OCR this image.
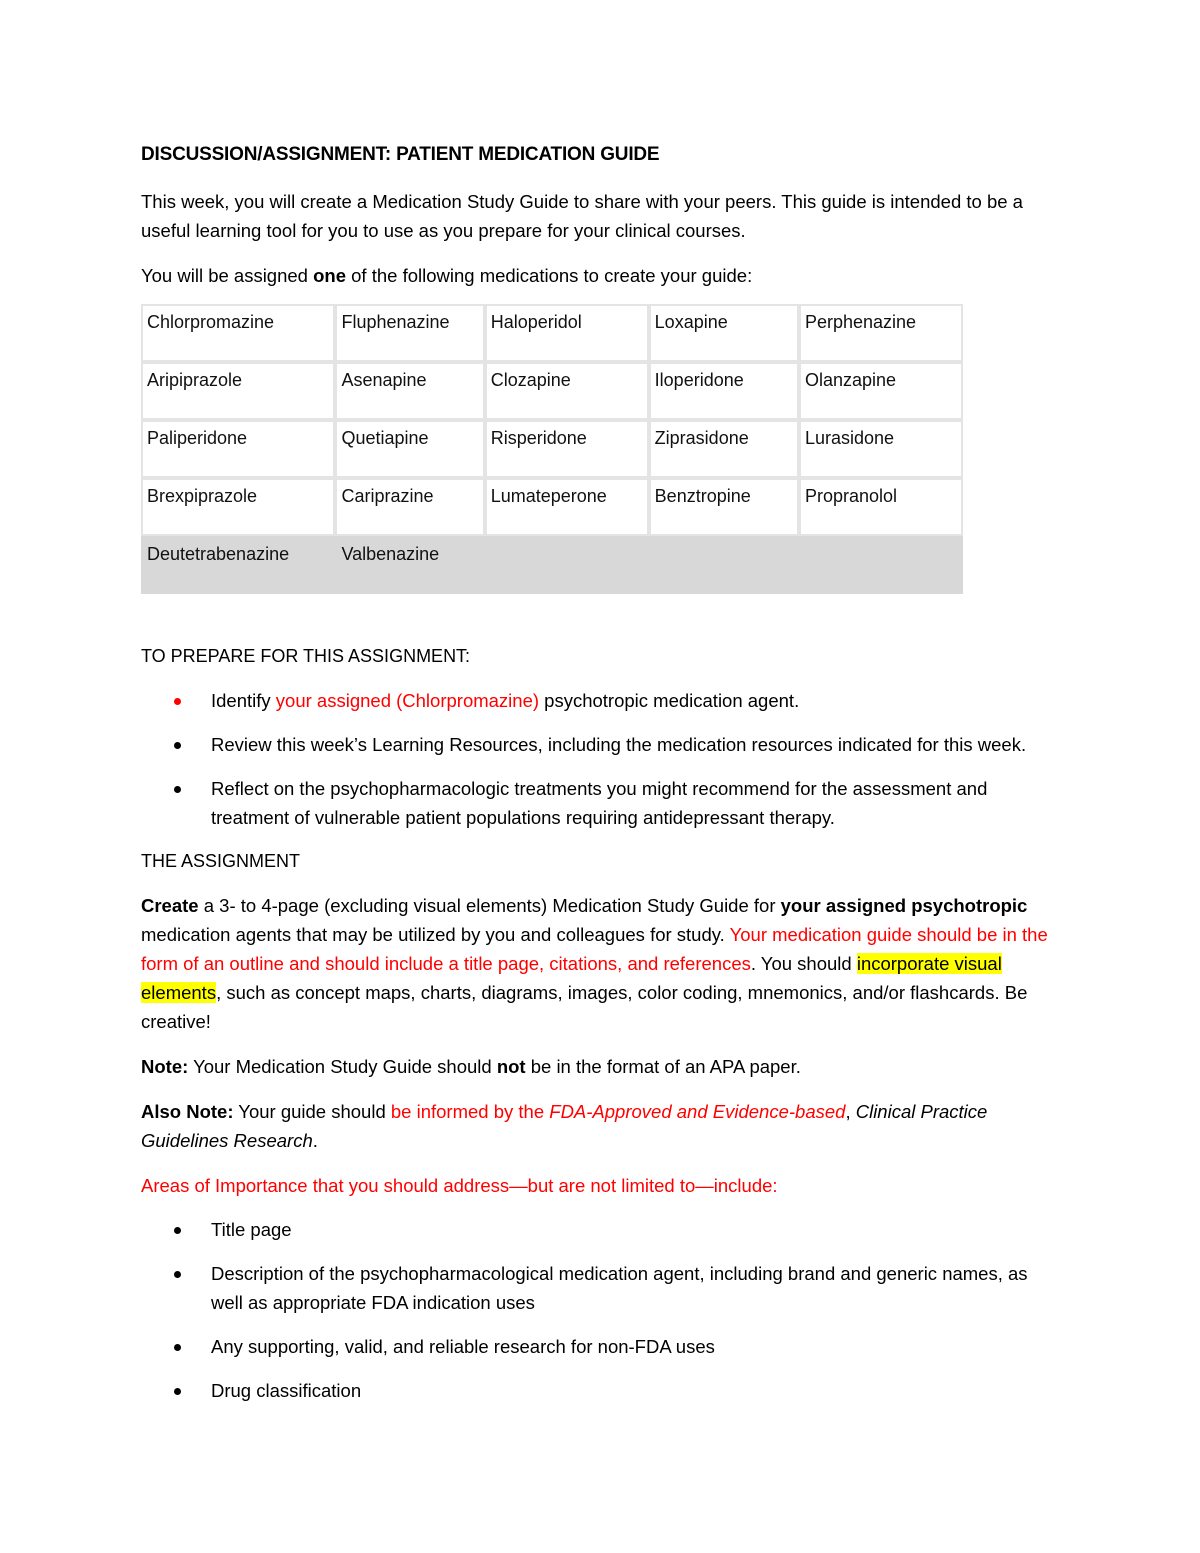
DISCUSSION/ASSIGNMENT: PATIENT MEDICATION GUIDE

This week, you will create a Medication Study Guide to share with your peers. This guide is intended to be a useful learning tool for you to use as you prepare for your clinical courses.

You will be assigned one of the following medications to create your guide:

Chlorpromazine	Fluphenazine	Haloperidol	Loxapine	Perphenazine
Aripiprazole	Asenapine	Clozapine	Iloperidone	Olanzapine
Paliperidone	Quetiapine	Risperidone	Ziprasidone	Lurasidone
Brexpiprazole	Cariprazine	Lumateperone	Benztropine	Propranolol
Deutetrabenazine	Valbenazine			

TO PREPARE FOR THIS ASSIGNMENT:

Identify your assigned (Chlorpromazine) psychotropic medication agent.
Review this week’s Learning Resources, including the medication resources indicated for this week.
Reflect on the psychopharmacologic treatments you might recommend for the assessment and treatment of vulnerable patient populations requiring antidepressant therapy.

THE ASSIGNMENT

Create a 3- to 4-page (excluding visual elements) Medication Study Guide for your assigned psychotropic medication agents that may be utilized by you and colleagues for study. Your medication guide should be in the form of an outline and should include a title page, citations, and references. You should incorporate visual elements, such as concept maps, charts, diagrams, images, color coding, mnemonics, and/or flashcards. Be creative!

Note: Your Medication Study Guide should not be in the format of an APA paper.

Also Note: Your guide should be informed by the FDA-Approved and Evidence-based, Clinical Practice Guidelines Research.

Areas of Importance that you should address—but are not limited to—include:

Title page
Description of the psychopharmacological medication agent, including brand and generic names, as well as appropriate FDA indication uses
Any supporting, valid, and reliable research for non-FDA uses
Drug classification
